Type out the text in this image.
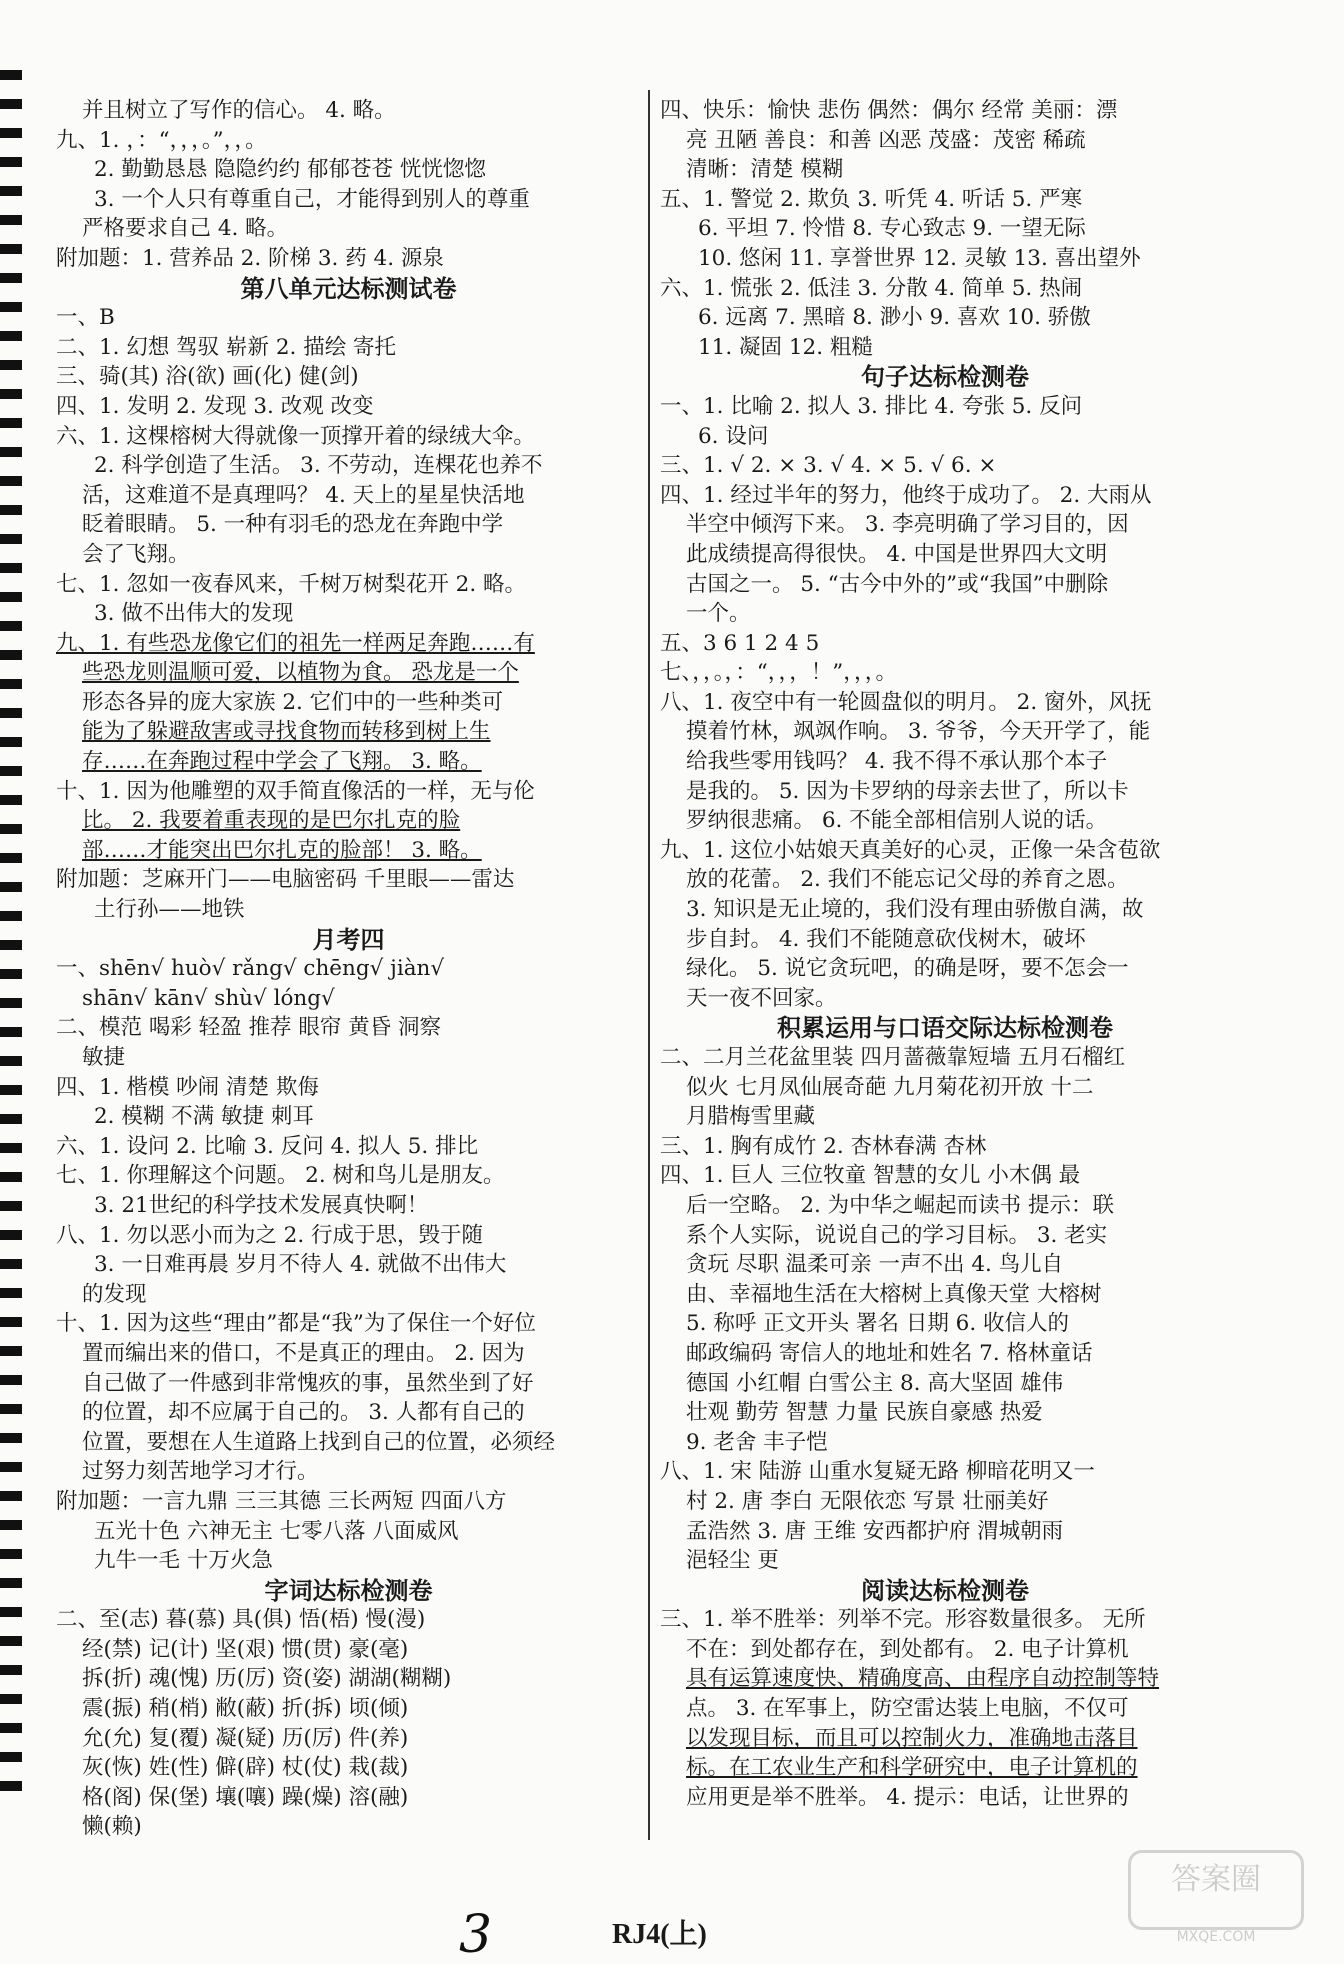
并且树立了写作的信心。 4. 略。
九、1. ，：“，，，。”，，。
2. 勤勤恳恳 隐隐约约 郁郁苍苍 恍恍惚惚
3. 一个人只有尊重自己，才能得到别人的尊重
严格要求自己 4. 略。
附加题：1. 营养品 2. 阶梯 3. 药 4. 源泉
第八单元达标测试卷
一、B
二、1. 幻想 驾驭 崭新 2. 描绘 寄托
三、骑(其) 浴(欲) 画(化) 健(剑)
四、1. 发明 2. 发现 3. 改观 改变
六、1. 这棵榕树大得就像一顶撑开着的绿绒大伞。
2. 科学创造了生活。 3. 不劳动，连棵花也养不
活，这难道不是真理吗？ 4. 天上的星星快活地
眨着眼睛。 5. 一种有羽毛的恐龙在奔跑中学
会了飞翔。
七、1. 忽如一夜春风来，千树万树梨花开 2. 略。
3. 做不出伟大的发现
九、1. 有些恐龙像它们的祖先一样两足奔跑……有
些恐龙则温顺可爱，以植物为食。 恐龙是一个
形态各异的庞大家族 2. 它们中的一些种类可
能为了躲避敌害或寻找食物而转移到树上生
存……在奔跑过程中学会了飞翔。 3. 略。
十、1. 因为他雕塑的双手简直像活的一样，无与伦
比。 2. 我要着重表现的是巴尔扎克的脸
部……才能突出巴尔扎克的脸部！ 3. 略。
附加题：芝麻开门——电脑密码 千里眼——雷达
土行孙——地铁
月考四
一、shēn√ huò√ rǎng√ chēng√ jiàn√
shān√ kān√ shù√ lóng√
二、模范 喝彩 轻盈 推荐 眼帘 黄昏 洞察
敏捷
四、1. 楷模 吵闹 清楚 欺侮
2. 模糊 不满 敏捷 刺耳
六、1. 设问 2. 比喻 3. 反问 4. 拟人 5. 排比
七、1. 你理解这个问题。 2. 树和鸟儿是朋友。
3. 21世纪的科学技术发展真快啊！
八、1. 勿以恶小而为之 2. 行成于思，毁于随
3. 一日难再晨 岁月不待人 4. 就做不出伟大
的发现
十、1. 因为这些“理由”都是“我”为了保住一个好位
置而编出来的借口，不是真正的理由。 2. 因为
自己做了一件感到非常愧疚的事，虽然坐到了好
的位置，却不应属于自己的。 3. 人都有自己的
位置，要想在人生道路上找到自己的位置，必须经
过努力刻苦地学习才行。
附加题：一言九鼎 三三其德 三长两短 四面八方
五光十色 六神无主 七零八落 八面威风
九牛一毛 十万火急
字词达标检测卷
二、至(志) 暮(慕) 具(俱) 悟(梧) 慢(漫)
经(禁) 记(计) 坚(艰) 惯(贯) 豪(毫)
拆(折) 魂(愧) 历(厉) 资(姿) 湖湖(糊糊)
震(振) 稍(梢) 敝(蔽) 折(拆) 顷(倾)
允(允) 复(覆) 凝(疑) 历(厉) 件(养)
灰(恢) 姓(性) 僻(辟) 杖(仗) 栽(裁)
格(阁) 保(堡) 壤(嚷) 躁(燥) 溶(融)
懒(赖)
四、快乐：愉快 悲伤 偶然：偶尔 经常 美丽：漂
亮 丑陋 善良：和善 凶恶 茂盛：茂密 稀疏
清晰：清楚 模糊
五、1. 警觉 2. 欺负 3. 听凭 4. 听话 5. 严寒
6. 平坦 7. 怜惜 8. 专心致志 9. 一望无际
10. 悠闲 11. 享誉世界 12. 灵敏 13. 喜出望外
六、1. 慌张 2. 低洼 3. 分散 4. 简单 5. 热闹
6. 远离 7. 黑暗 8. 渺小 9. 喜欢 10. 骄傲
11. 凝固 12. 粗糙
句子达标检测卷
一、1. 比喻 2. 拟人 3. 排比 4. 夸张 5. 反问
6. 设问
三、1. √ 2. × 3. √ 4. × 5. √ 6. ×
四、1. 经过半年的努力，他终于成功了。 2. 大雨从
半空中倾泻下来。 3. 李亮明确了学习目的，因
此成绩提高得很快。 4. 中国是世界四大文明
古国之一。 5. “古今中外的”或“我国”中删除
一个。
五、3 6 1 2 4 5
七、，，。，：“，，，！”，，，。
八、1. 夜空中有一轮圆盘似的明月。 2. 窗外，风抚
摸着竹林，飒飒作响。 3. 爷爷，今天开学了，能
给我些零用钱吗？ 4. 我不得不承认那个本子
是我的。 5. 因为卡罗纳的母亲去世了，所以卡
罗纳很悲痛。 6. 不能全部相信别人说的话。
九、1. 这位小姑娘天真美好的心灵，正像一朵含苞欲
放的花蕾。 2. 我们不能忘记父母的养育之恩。
3. 知识是无止境的，我们没有理由骄傲自满，故
步自封。 4. 我们不能随意砍伐树木，破坏
绿化。 5. 说它贪玩吧，的确是呀，要不怎会一
天一夜不回家。
积累运用与口语交际达标检测卷
二、二月兰花盆里装 四月蔷薇靠短墙 五月石榴红
似火 七月凤仙展奇葩 九月菊花初开放 十二
月腊梅雪里藏
三、1. 胸有成竹 2. 杏林春满 杏林
四、1. 巨人 三位牧童 智慧的女儿 小木偶 最
后一空略。 2. 为中华之崛起而读书 提示：联
系个人实际，说说自己的学习目标。 3. 老实
贪玩 尽职 温柔可亲 一声不出 4. 鸟儿自
由、幸福地生活在大榕树上真像天堂 大榕树
5. 称呼 正文开头 署名 日期 6. 收信人的
邮政编码 寄信人的地址和姓名 7. 格林童话
德国 小红帽 白雪公主 8. 高大坚固 雄伟
壮观 勤劳 智慧 力量 民族自豪感 热爱
9. 老舍 丰子恺
八、1. 宋 陆游 山重水复疑无路 柳暗花明又一
村 2. 唐 李白 无限依恋 写景 壮丽美好
孟浩然 3. 唐 王维 安西都护府 渭城朝雨
浥轻尘 更
阅读达标检测卷
三、1. 举不胜举：列举不完。形容数量很多。 无所
不在：到处都存在，到处都有。 2. 电子计算机
具有运算速度快、精确度高、由程序自动控制等特
点。 3. 在军事上，防空雷达装上电脑，不仅可
以发现目标，而且可以控制火力，准确地击落目
标。在工农业生产和科学研究中，电子计算机的
应用更是举不胜举。 4. 提示：电话，让世界的
3	RJ4(上)
答案圈
MXQE.COM
